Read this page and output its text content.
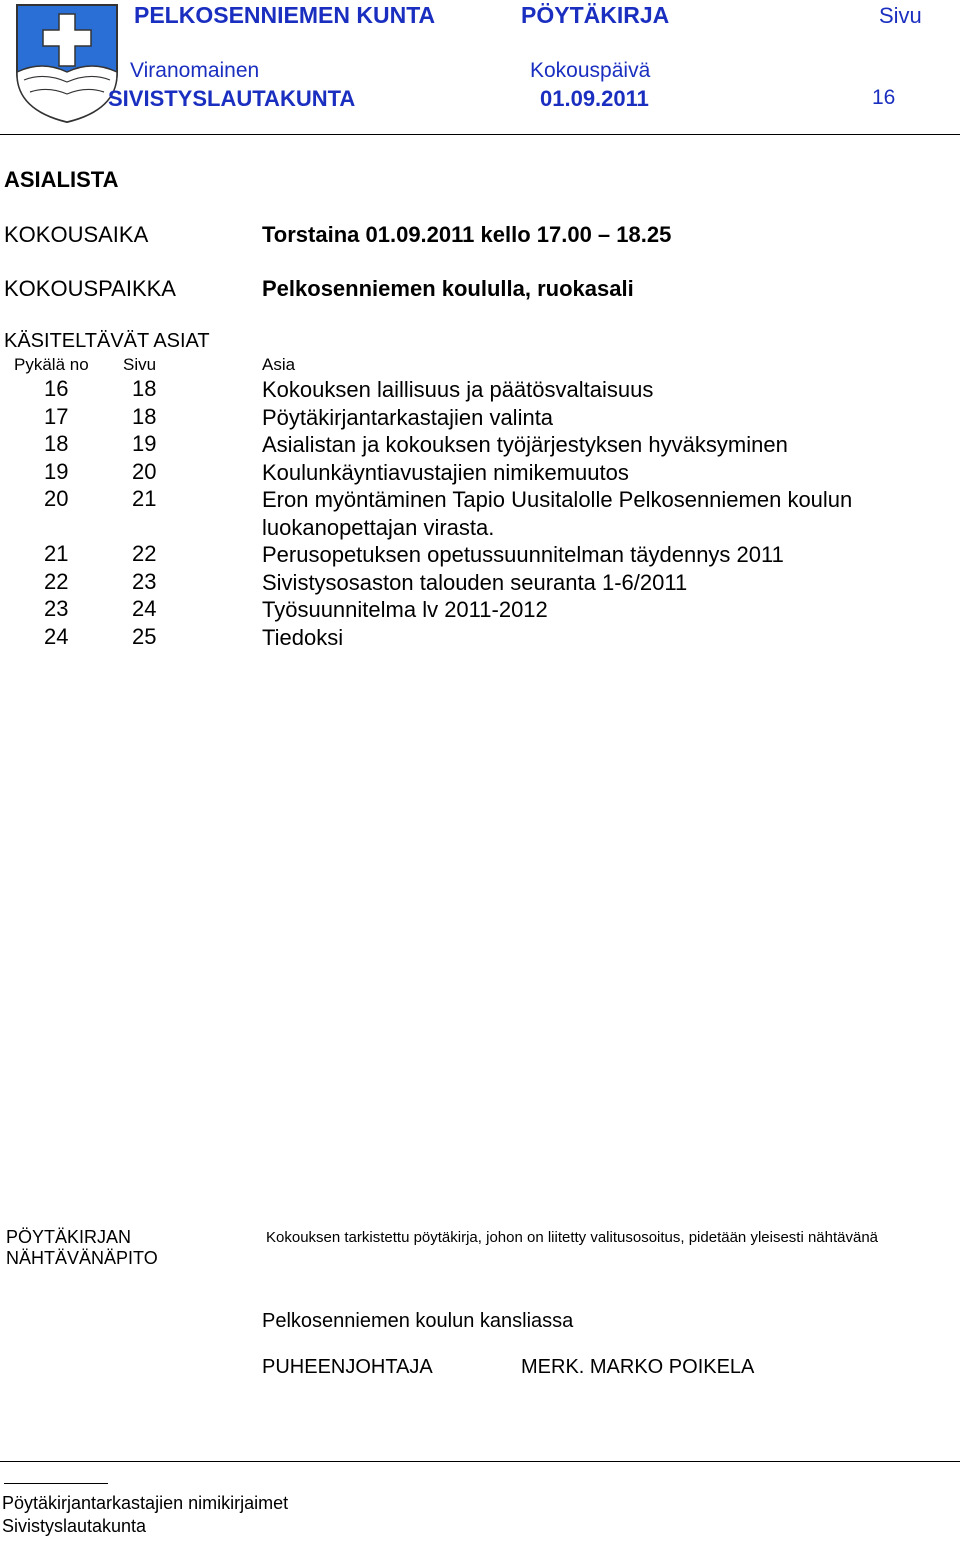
PELKOSENNIEMEN KUNTA	PÖYTÄKIRJA	Sivu
Viranomainen	Kokouspäivä
SIVISTYSLAUTAKUNTA	01.09.2011	16
ASIALISTA
KOKOUSAIKA	Torstaina 01.09.2011 kello 17.00 – 18.25
KOKOUSPAIKKA	Pelkosenniemen koululla, ruokasali
KÄSITELTÄVÄT ASIAT
Pykälä no Sivu	Asia
16	18	Kokouksen laillisuus ja päätösvaltaisuus
17	18	Pöytäkirjantarkastajien valinta
18	19	Asialistan ja kokouksen työjärjestyksen hyväksyminen
19	20	Koulunkäyntiavustajien nimikemuutos
20	21	Eron myöntäminen Tapio Uusitalolle Pelkosenniemen koulun luokanopettajan virasta.
21	22	Perusopetuksen opetussuunnitelman täydennys 2011
22	23	Sivistysosaston talouden seuranta 1-6/2011
23	24	Työsuunnitelma lv 2011-2012
24	25	Tiedoksi
PÖYTÄKIRJAN
NÄHTÄVÄNÄPITO
Kokouksen tarkistettu pöytäkirja, johon on liitetty valitusosoitus, pidetään yleisesti nähtävänä
Pelkosenniemen koulun kansliassa
PUHEENJOHTAJA	MERK. MARKO POIKELA
Pöytäkirjantarkastajien nimikirjaimet
Sivistyslautakunta
